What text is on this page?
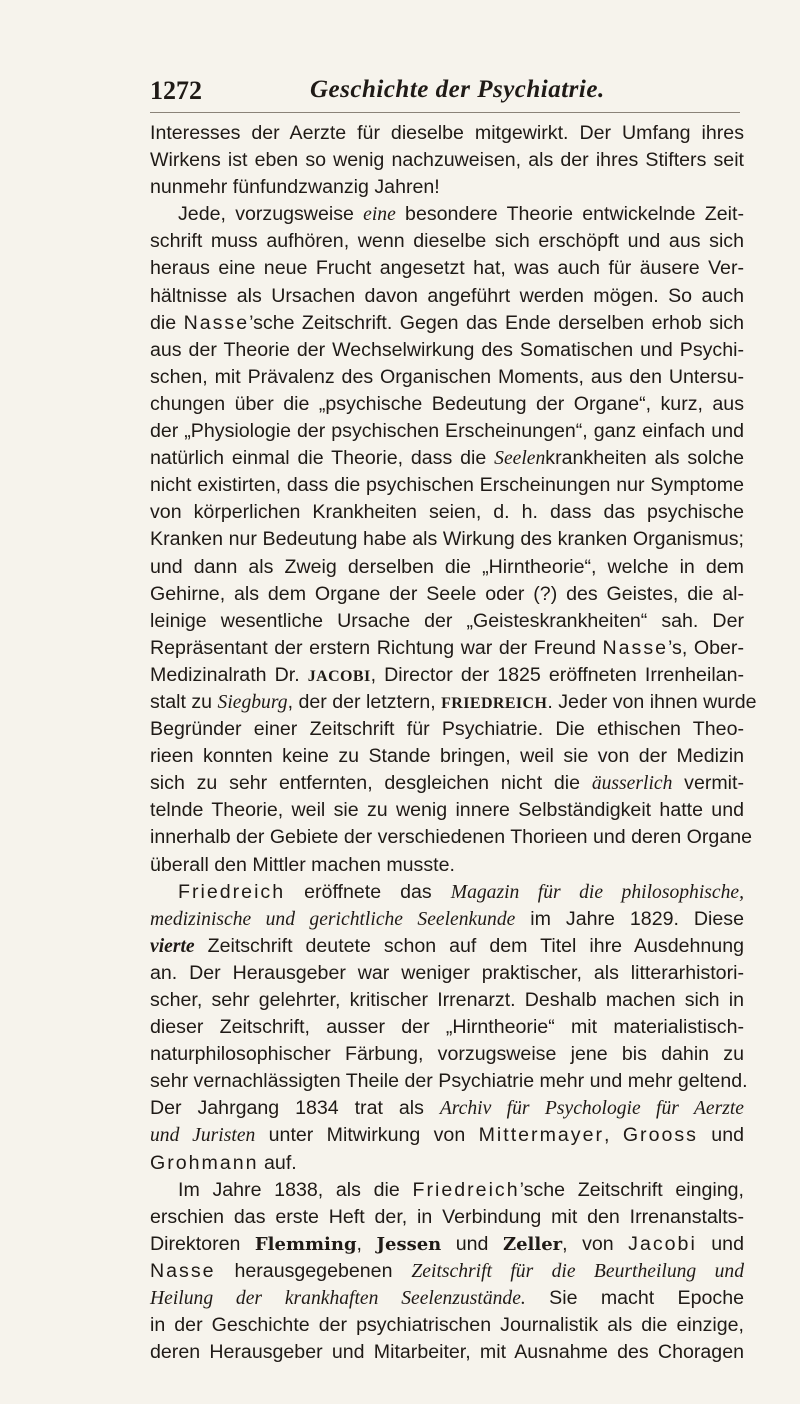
1272	Geschichte der Psychiatrie.
Interesses der Aerzte für dieselbe mitgewirkt. Der Umfang ihres
Wirkens ist eben so wenig nachzuweisen, als der ihres Stifters seit
nunmehr fünfundzwanzig Jahren!
Jede, vorzugsweise eine besondere Theorie entwickelnde Zeit-
schrift muss aufhören, wenn dieselbe sich erschöpft und aus sich
heraus eine neue Frucht angesetzt hat, was auch für äusere Ver-
hältnisse als Ursachen davon angeführt werden mögen. So auch
die Nasse’sche Zeitschrift. Gegen das Ende derselben erhob sich
aus der Theorie der Wechselwirkung des Somatischen und Psychi-
schen, mit Prävalenz des Organischen Moments, aus den Untersu-
chungen über die „psychische Bedeutung der Organe“, kurz, aus
der „Physiologie der psychischen Erscheinungen“, ganz einfach und
natürlich einmal die Theorie, dass die Seelenkrankheiten als solche
nicht existirten, dass die psychischen Erscheinungen nur Symptome
von körperlichen Krankheiten seien, d. h. dass das psychische
Kranken nur Bedeutung habe als Wirkung des kranken Organismus;
und dann als Zweig derselben die „Hirntheorie“, welche in dem
Gehirne, als dem Organe der Seele oder (?) des Geistes, die al-
leinige wesentliche Ursache der „Geisteskrankheiten“ sah. Der
Repräsentant der erstern Richtung war der Freund Nasse’s, Ober-
Medizinalrath Dr. JACOBI, Director der 1825 eröffneten Irrenheilan-
stalt zu Siegburg, der der letztern, FRIEDREICH. Jeder von ihnen wurde
Begründer einer Zeitschrift für Psychiatrie. Die ethischen Theo-
rieen konnten keine zu Stande bringen, weil sie von der Medizin
sich zu sehr entfernten, desgleichen nicht die äusserlich vermit-
telnde Theorie, weil sie zu wenig innere Selbständigkeit hatte und
innerhalb der Gebiete der verschiedenen Thorieen und deren Organe
überall den Mittler machen musste.
Friedreich eröffnete das Magazin für die philosophische,
medizinische und gerichtliche Seelenkunde im Jahre 1829. Diese
vierte Zeitschrift deutete schon auf dem Titel ihre Ausdehnung
an. Der Herausgeber war weniger praktischer, als litterarhistori-
scher, sehr gelehrter, kritischer Irrenarzt. Deshalb machen sich in
dieser Zeitschrift, ausser der „Hirntheorie“ mit materialistisch-
naturphilosophischer Färbung, vorzugsweise jene bis dahin zu
sehr vernachlässigten Theile der Psychiatrie mehr und mehr geltend.
Der Jahrgang 1834 trat als Archiv für Psychologie für Aerzte
und Juristen unter Mitwirkung von Mittermayer, Grooss und
Grohmann auf.
Im Jahre 1838, als die Friedreich’sche Zeitschrift einging,
erschien das erste Heft der, in Verbindung mit den Irrenanstalts-
Direktoren Flemming, Jessen und Zeller, von Jacobi und
Nasse herausgegebenen Zeitschrift für die Beurtheilung und
Heilung der krankhaften Seelenzustände. Sie macht Epoche
in der Geschichte der psychiatrischen Journalistik als die einzige,
deren Herausgeber und Mitarbeiter, mit Ausnahme des Choragen
